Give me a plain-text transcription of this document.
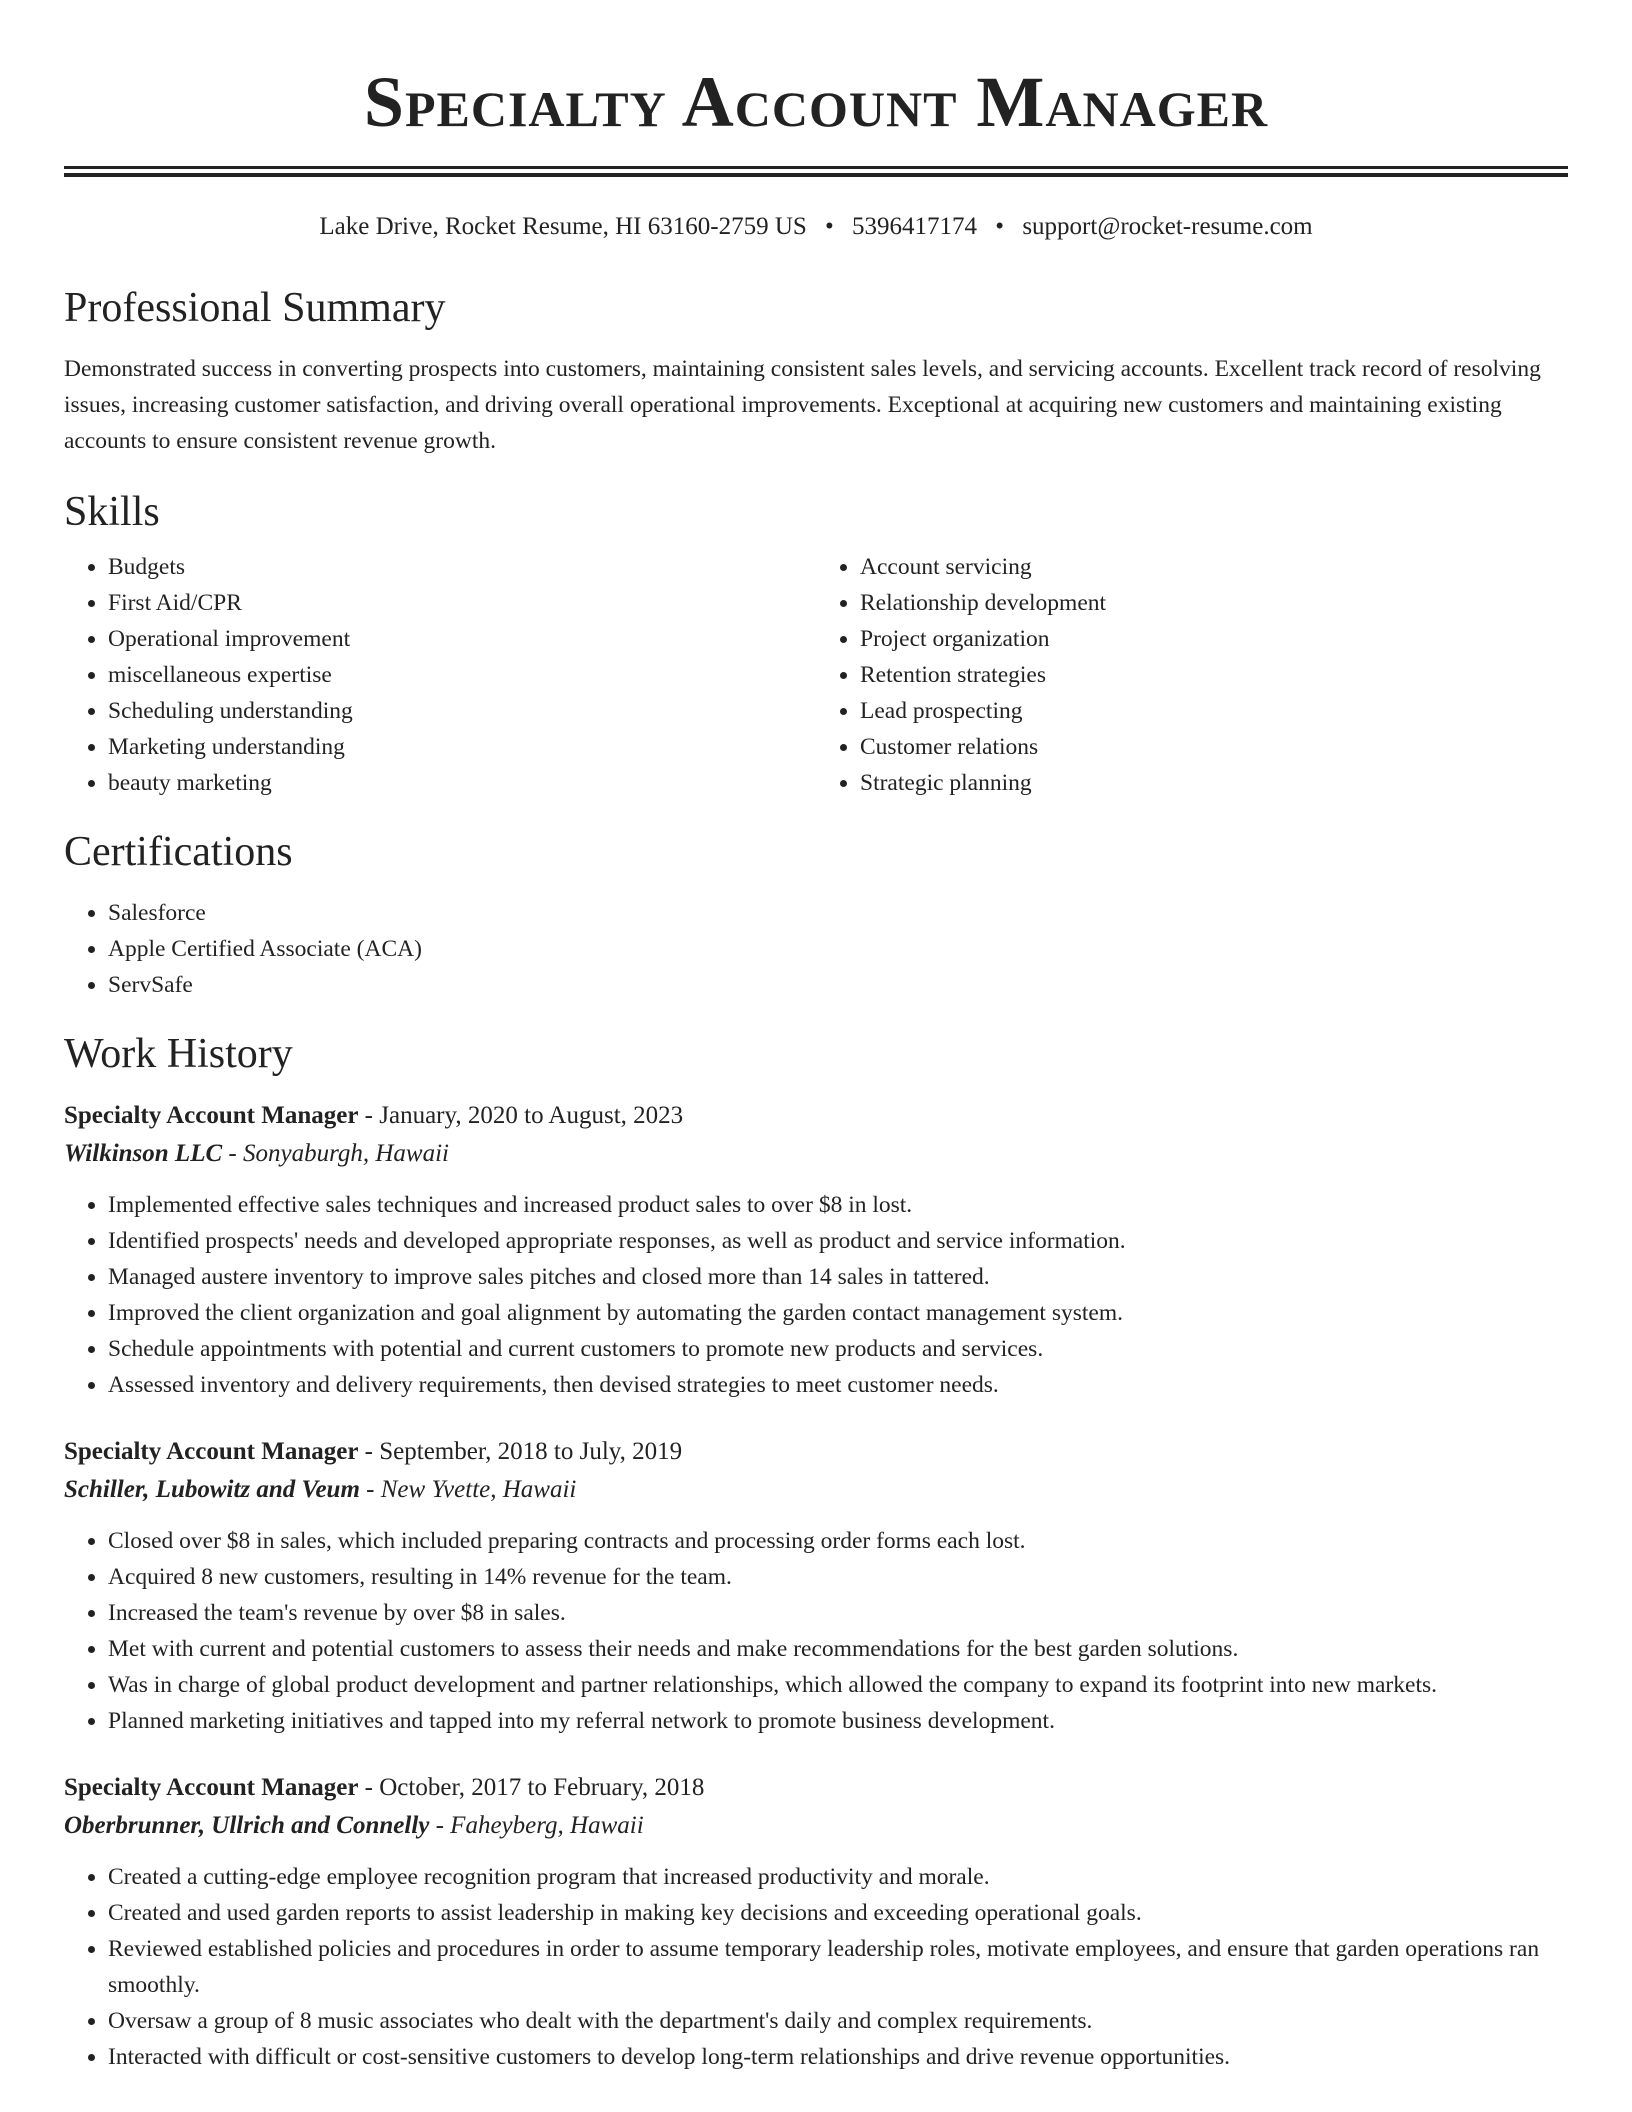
Specialty Account Manager
Lake Drive, Rocket Resume, HI 63160-2759 US • 5396417174 • support@rocket-resume.com
Professional Summary
Demonstrated success in converting prospects into customers, maintaining consistent sales levels, and servicing accounts. Excellent track record of resolving issues, increasing customer satisfaction, and driving overall operational improvements. Exceptional at acquiring new customers and maintaining existing accounts to ensure consistent revenue growth.
Skills
• Budgets
• First Aid/CPR
• Operational improvement
• miscellaneous expertise
• Scheduling understanding
• Marketing understanding
• beauty marketing
• Account servicing
• Relationship development
• Project organization
• Retention strategies
• Lead prospecting
• Customer relations
• Strategic planning
Certifications
• Salesforce
• Apple Certified Associate (ACA)
• ServSafe
Work History
Specialty Account Manager - January, 2020 to August, 2023
Wilkinson LLC - Sonyaburgh, Hawaii
• Implemented effective sales techniques and increased product sales to over $8 in lost.
• Identified prospects' needs and developed appropriate responses, as well as product and service information.
• Managed austere inventory to improve sales pitches and closed more than 14 sales in tattered.
• Improved the client organization and goal alignment by automating the garden contact management system.
• Schedule appointments with potential and current customers to promote new products and services.
• Assessed inventory and delivery requirements, then devised strategies to meet customer needs.
Specialty Account Manager - September, 2018 to July, 2019
Schiller, Lubowitz and Veum - New Yvette, Hawaii
• Closed over $8 in sales, which included preparing contracts and processing order forms each lost.
• Acquired 8 new customers, resulting in 14% revenue for the team.
• Increased the team's revenue by over $8 in sales.
• Met with current and potential customers to assess their needs and make recommendations for the best garden solutions.
• Was in charge of global product development and partner relationships, which allowed the company to expand its footprint into new markets.
• Planned marketing initiatives and tapped into my referral network to promote business development.
Specialty Account Manager - October, 2017 to February, 2018
Oberbrunner, Ullrich and Connelly - Faheyberg, Hawaii
• Created a cutting-edge employee recognition program that increased productivity and morale.
• Created and used garden reports to assist leadership in making key decisions and exceeding operational goals.
• Reviewed established policies and procedures in order to assume temporary leadership roles, motivate employees, and ensure that garden operations ran smoothly.
• Oversaw a group of 8 music associates who dealt with the department's daily and complex requirements.
• Interacted with difficult or cost-sensitive customers to develop long-term relationships and drive revenue opportunities.
